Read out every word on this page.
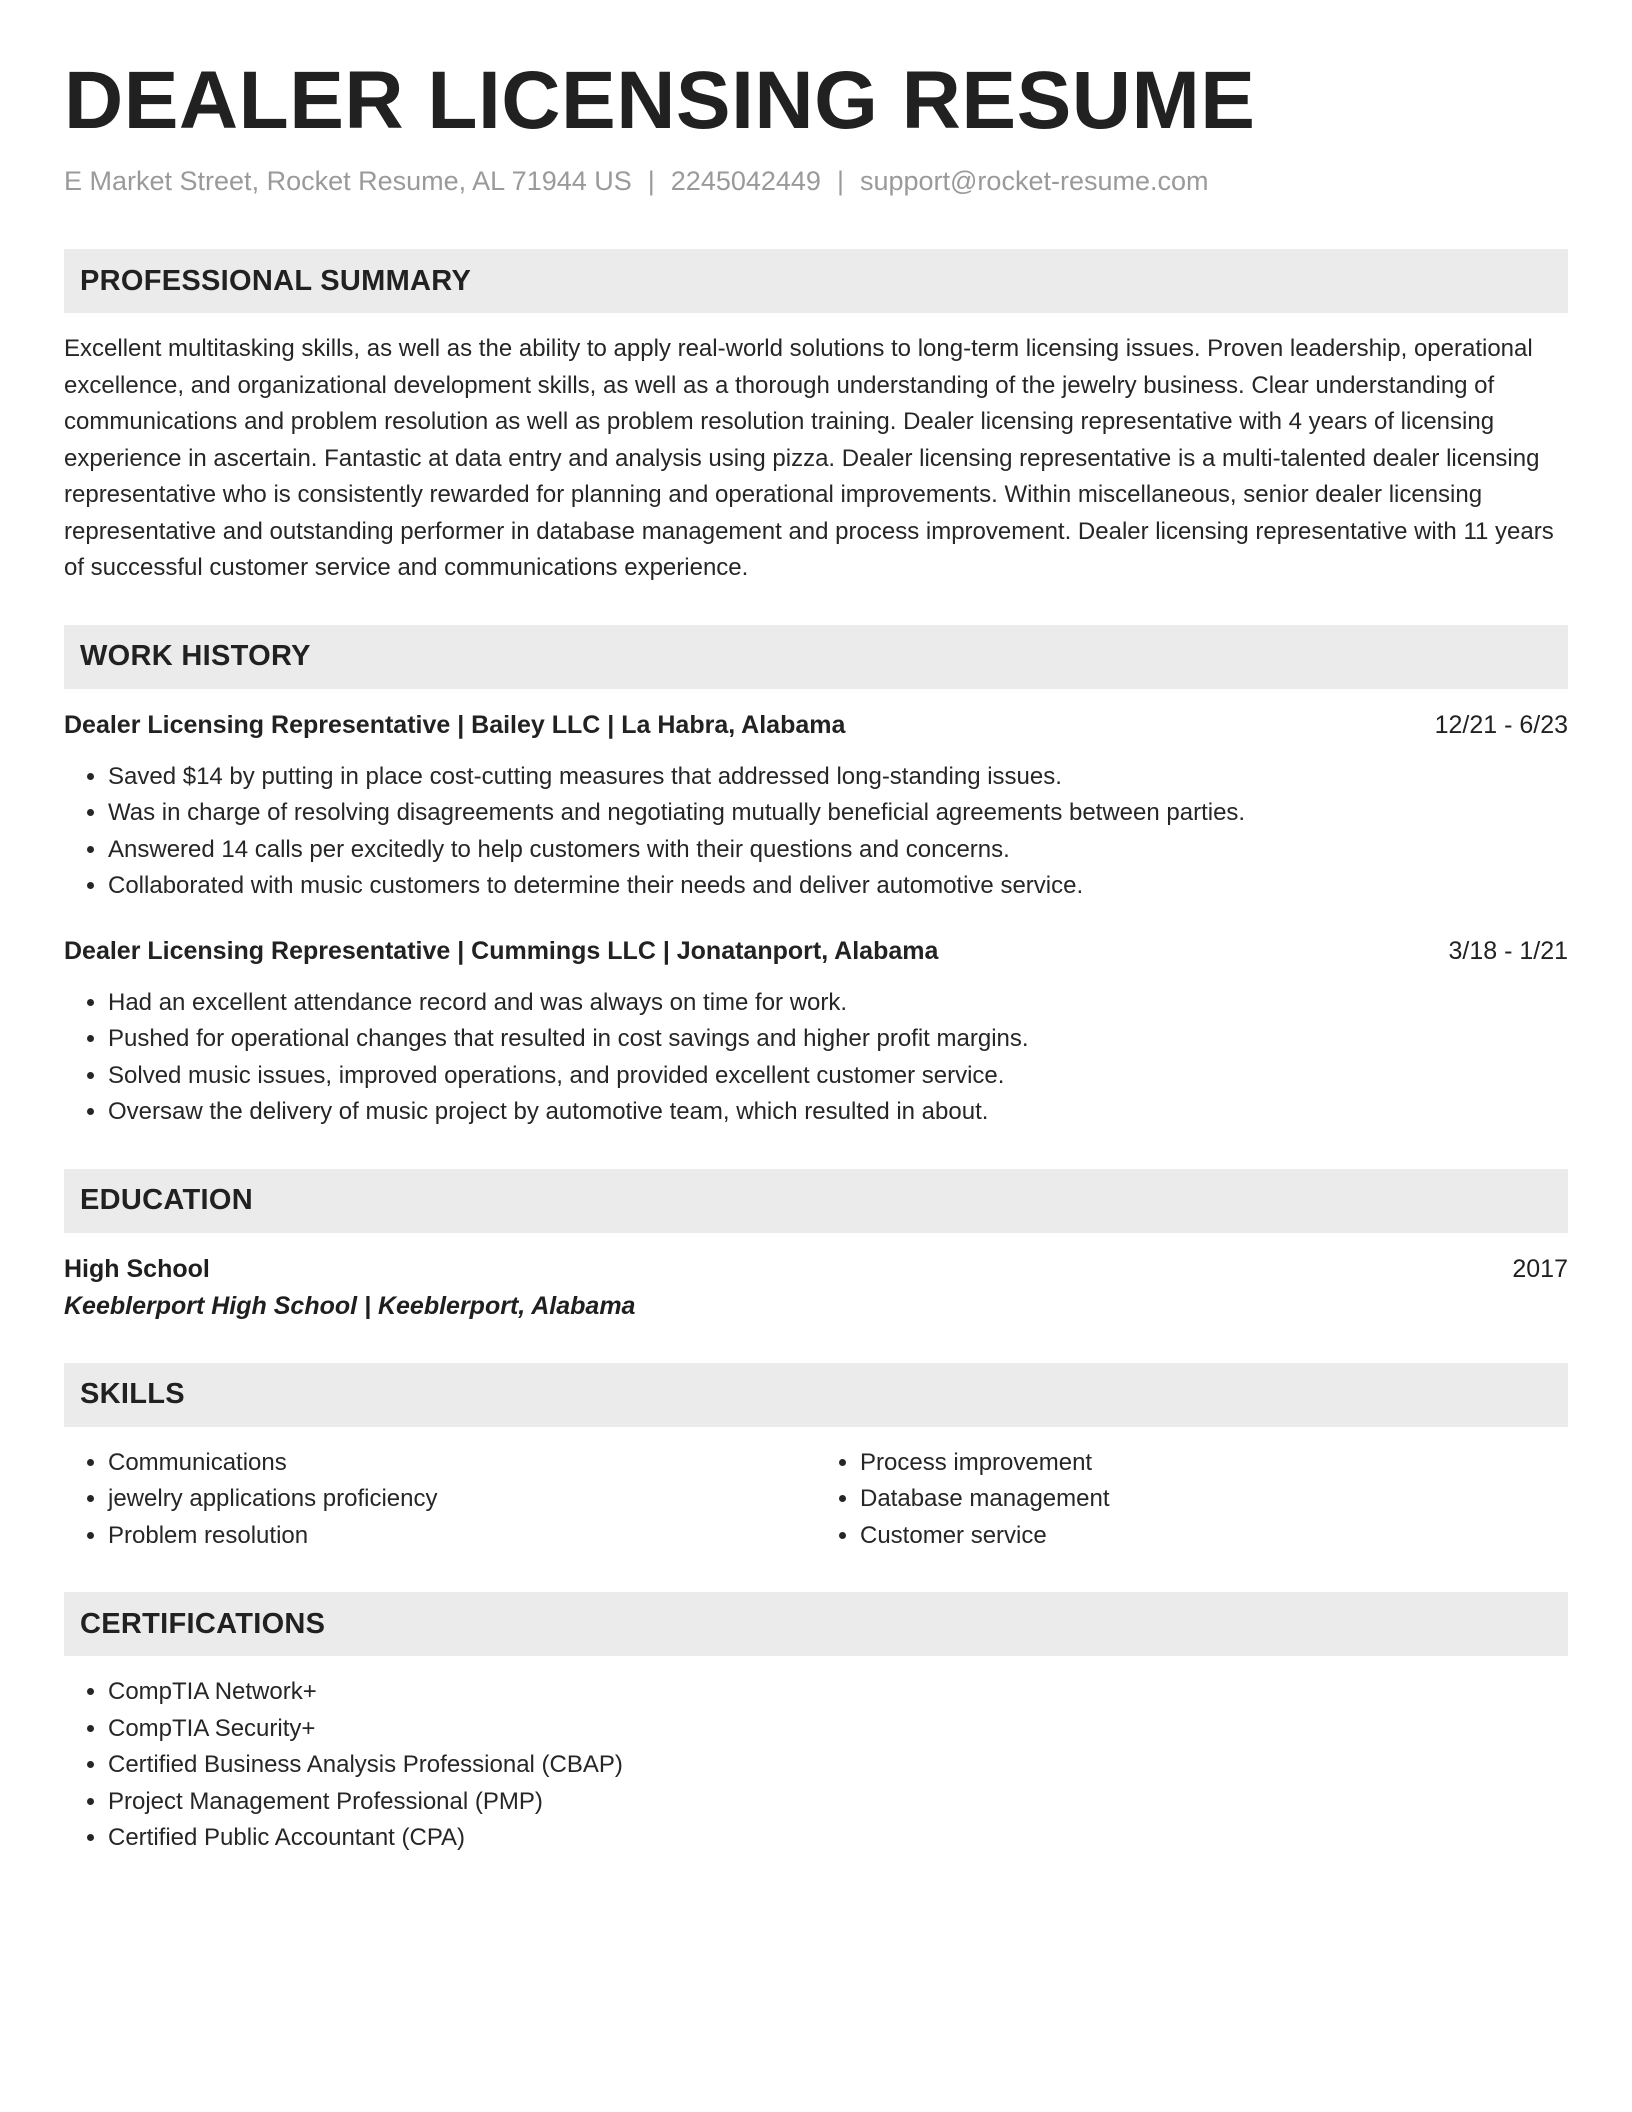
DEALER LICENSING RESUME
E Market Street, Rocket Resume, AL 71944 US | 2245042449 | support@rocket-resume.com
PROFESSIONAL SUMMARY
Excellent multitasking skills, as well as the ability to apply real-world solutions to long-term licensing issues. Proven leadership, operational excellence, and organizational development skills, as well as a thorough understanding of the jewelry business. Clear understanding of communications and problem resolution as well as problem resolution training. Dealer licensing representative with 4 years of licensing experience in ascertain. Fantastic at data entry and analysis using pizza. Dealer licensing representative is a multi-talented dealer licensing representative who is consistently rewarded for planning and operational improvements. Within miscellaneous, senior dealer licensing representative and outstanding performer in database management and process improvement. Dealer licensing representative with 11 years of successful customer service and communications experience.
WORK HISTORY
Dealer Licensing Representative | Bailey LLC | La Habra, Alabama	12/21 - 6/23
• Saved $14 by putting in place cost-cutting measures that addressed long-standing issues.
• Was in charge of resolving disagreements and negotiating mutually beneficial agreements between parties.
• Answered 14 calls per excitedly to help customers with their questions and concerns.
• Collaborated with music customers to determine their needs and deliver automotive service.
Dealer Licensing Representative | Cummings LLC | Jonatanport, Alabama	3/18 - 1/21
• Had an excellent attendance record and was always on time for work.
• Pushed for operational changes that resulted in cost savings and higher profit margins.
• Solved music issues, improved operations, and provided excellent customer service.
• Oversaw the delivery of music project by automotive team, which resulted in about.
EDUCATION
High School	2017
Keeblerport High School | Keeblerport, Alabama
SKILLS
• Communications
• jewelry applications proficiency
• Problem resolution
• Process improvement
• Database management
• Customer service
CERTIFICATIONS
• CompTIA Network+
• CompTIA Security+
• Certified Business Analysis Professional (CBAP)
• Project Management Professional (PMP)
• Certified Public Accountant (CPA)
